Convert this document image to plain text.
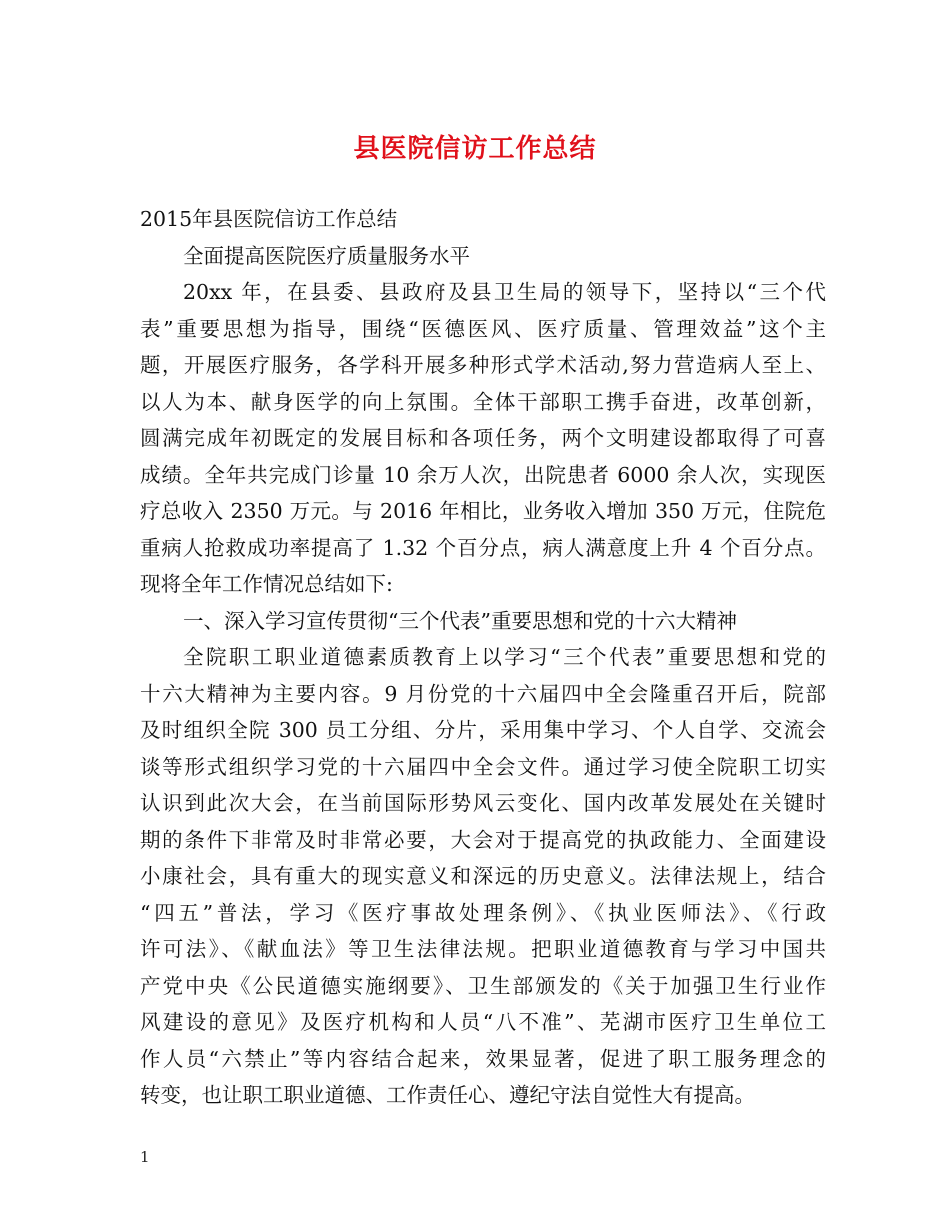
县医院信访工作总结
2015年县医院信访工作总结
全面提高医院医疗质量服务水平
20xx 年，在县委、县政府及县卫生局的领导下，坚持以“三个代
表”重要思想为指导，围绕“医德医风、医疗质量、管理效益”这个主
题，开展医疗服务，各学科开展多种形式学术活动,努力营造病人至上、
以人为本、献身医学的向上氛围。全体干部职工携手奋进，改革创新，
圆满完成年初既定的发展目标和各项任务，两个文明建设都取得了可喜
成绩。全年共完成门诊量 10 余万人次，出院患者 6000 余人次，实现医
疗总收入 2350 万元。与 2016 年相比，业务收入增加 350 万元，住院危
重病人抢救成功率提高了 1.32 个百分点，病人满意度上升 4 个百分点。
现将全年工作情况总结如下:
一、深入学习宣传贯彻“三个代表”重要思想和党的十六大精神
全院职工职业道德素质教育上以学习“三个代表”重要思想和党的
十六大精神为主要内容。9 月份党的十六届四中全会隆重召开后，院部
及时组织全院 300 员工分组、分片，采用集中学习、个人自学、交流会
谈等形式组织学习党的十六届四中全会文件。通过学习使全院职工切实
认识到此次大会，在当前国际形势风云变化、国内改革发展处在关键时
期的条件下非常及时非常必要，大会对于提高党的执政能力、全面建设
小康社会，具有重大的现实意义和深远的历史意义。法律法规上，结合
“四五”普法，学习《医疗事故处理条例》、《执业医师法》、《行政
许可法》、《献血法》等卫生法律法规。把职业道德教育与学习中国共
产党中央《公民道德实施纲要》、卫生部颁发的《关于加强卫生行业作
风建设的意见》及医疗机构和人员“八不准”、芜湖市医疗卫生单位工
作人员“六禁止”等内容结合起来，效果显著，促进了职工服务理念的
转变，也让职工职业道德、工作责任心、遵纪守法自觉性大有提高。
1
